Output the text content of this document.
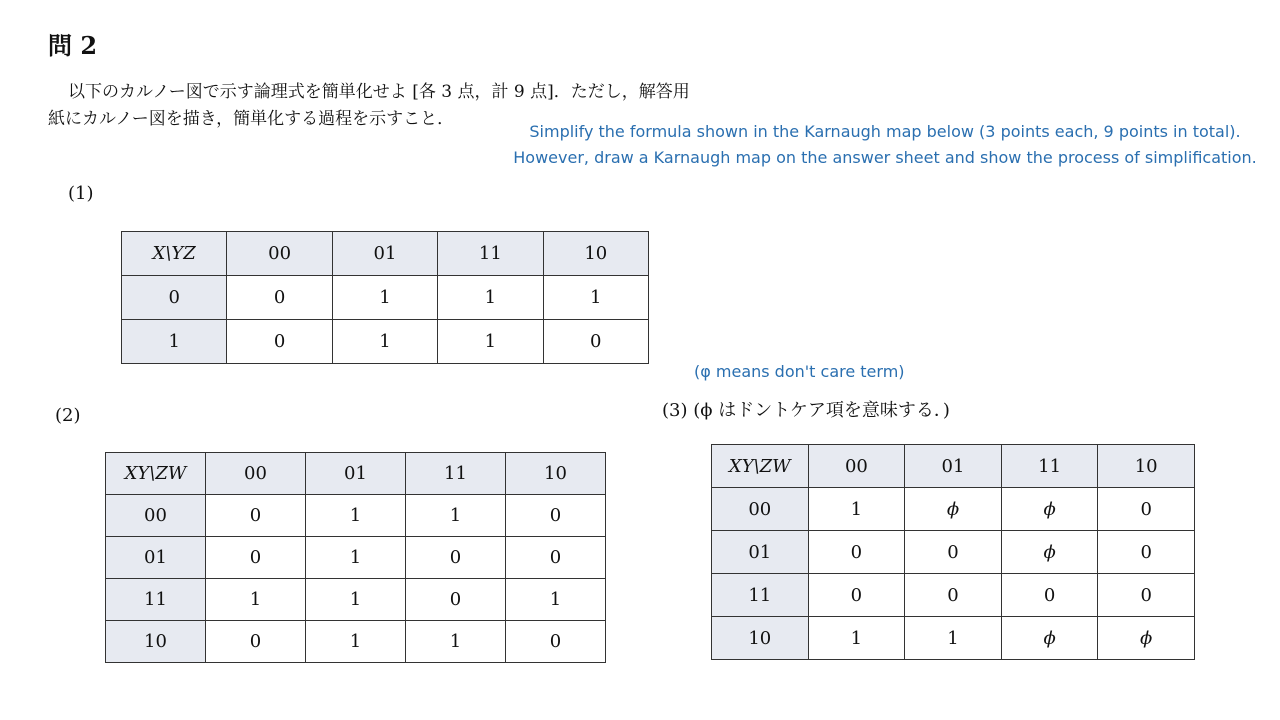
問 2
以下のカルノー図で示す論理式を簡単化せよ [各 3 点，計 9 点]．ただし，解答用
紙にカルノー図を描き，簡単化する過程を示すこと．
Simplify the formula shown in the Karnaugh map below (3 points each, 9 points in total). However, draw a Karnaugh map on the answer sheet and show the process of simplification.
(1)
X\YZ	00	01	11	10
0	0	1	1	1
1	0	1	1	0
(φ means don't care term)
(2)
XY\ZW	00	01	11	10
00	0	1	1	0
01	0	1	0	0
11	1	1	0	1
10	0	1	1	0
(3) (ϕ はドントケア項を意味する．)
XY\ZW	00	01	11	10
00	1	ϕ	ϕ	0
01	0	0	ϕ	0
11	0	0	0	0
10	1	1	ϕ	ϕ
